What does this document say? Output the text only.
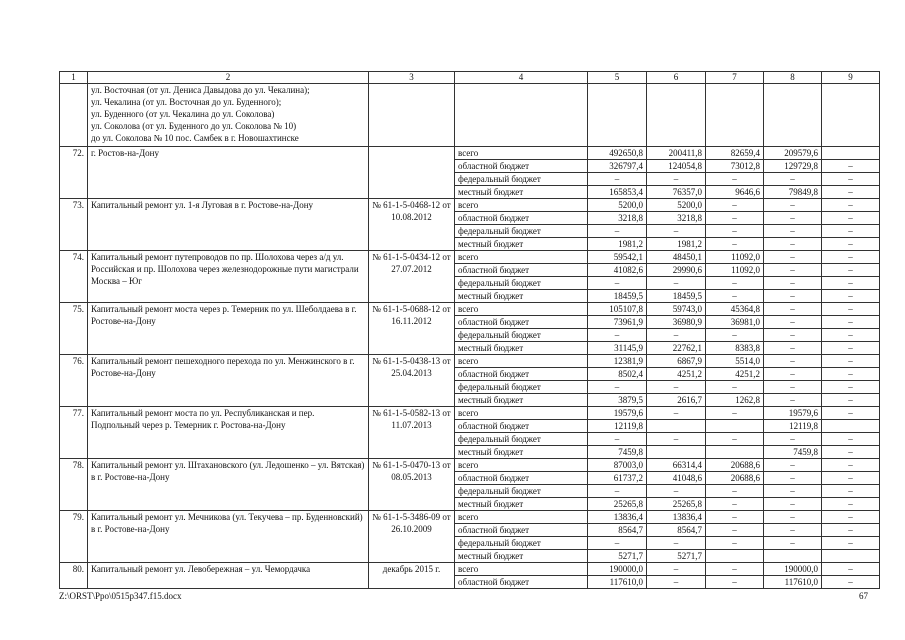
1	2	3	4	5	6	7	8	9

	ул. Восточная (от ул. Дениса Давыдова до ул. Чекалина);
ул. Чекалина (от ул. Восточная до ул. Буденного);
ул. Буденного (от ул. Чекалина до ул. Соколова)
ул. Соколова (от ул. Буденного до ул. Соколова № 10)
до ул. Соколова № 10 пос. Самбек в г. Новошахтинске							

72.	г. Ростов-на-Дону		всего	492650,8	200411,8	82659,4	209579,6	
			областной бюджет	326797,4	124054,8	73012,8	129729,8	–
			федеральный бюджет	–	–	–	–	–
			местный бюджет	165853,4	76357,0	9646,6	79849,8	–
73.	Капитальный ремонт ул. 1-я Луговая в г. Ростове-на-Дону	№ 61-1-5-0468-12 от 10.08.2012	всего	5200,0	5200,0	–	–	–
			областной бюджет	3218,8	3218,8	–	–	–
			федеральный бюджет	–	–	–	–	–
			местный бюджет	1981,2	1981,2	–	–	–
74.	Капитальный ремонт путепроводов по пр. Шолохова через а/д ул. Российская и пр. Шолохова через железнодорожные пути магистрали Москва – Юг	№ 61-1-5-0434-12 от 27.07.2012	всего	59542,1	48450,1	11092,0	–	–
			областной бюджет	41082,6	29990,6	11092,0	–	–
			федеральный бюджет	–	–	–	–	–
			местный бюджет	18459,5	18459,5	–	–	–
75.	Капитальный ремонт моста через р. Темерник по ул. Шеболдаева в г. Ростове-на-Дону	№ 61-1-5-0688-12 от 16.11.2012	всего	105107,8	59743,0	45364,8	–	–
			областной бюджет	73961,9	36980,9	36981,0	–	–
			федеральный бюджет	–	–	–	–	–
			местный бюджет	31145,9	22762,1	8383,8	–	–
76.	Капитальный ремонт пешеходного перехода по ул. Менжинского в г. Ростове-на-Дону	№ 61-1-5-0438-13 от 25.04.2013	всего	12381,9	6867,9	5514,0	–	–
			областной бюджет	8502,4	4251,2	4251,2	–	–
			федеральный бюджет	–	–	–	–	–
			местный бюджет	3879,5	2616,7	1262,8	–	–
77.	Капитальный ремонт моста по ул. Республиканская и пер. Подпольный через р. Темерник г. Ростова-на-Дону	№ 61-1-5-0582-13 от 11.07.2013	всего	19579,6	–	–	19579,6	–
			областной бюджет	12119,8			12119,8	
			федеральный бюджет	–	–	–	–	–
			местный бюджет	7459,8			7459,8	–
78.	Капитальный ремонт ул. Штахановского (ул. Ледошенко – ул. Вятская) в г. Ростове-на-Дону	№ 61-1-5-0470-13 от 08.05.2013	всего	87003,0	66314,4	20688,6	–	–
			областной бюджет	61737,2	41048,6	20688,6	–	–
			федеральный бюджет	–	–	–	–	–
			местный бюджет	25265,8	25265,8	–	–	–
79.	Капитальный ремонт ул. Мечникова (ул. Текучева – пр. Буденновский) в г. Ростове-на-Дону	№ 61-1-5-3486-09 от 26.10.2009	всего	13836,4	13836,4	–	–	–
			областной бюджет	8564,7	8564,7	–	–	–
			федеральный бюджет	–	–	–	–	–
			местный бюджет	5271,7	5271,7			
80.	Капитальный ремонт ул. Левобережная – ул. Чемордачка	декабрь 2015 г.	всего	190000,0	–	–	190000,0	–
			областной бюджет	117610,0	–	–	117610,0	–
Z:\ORST\Ppo\0515p347.f15.docx	67
